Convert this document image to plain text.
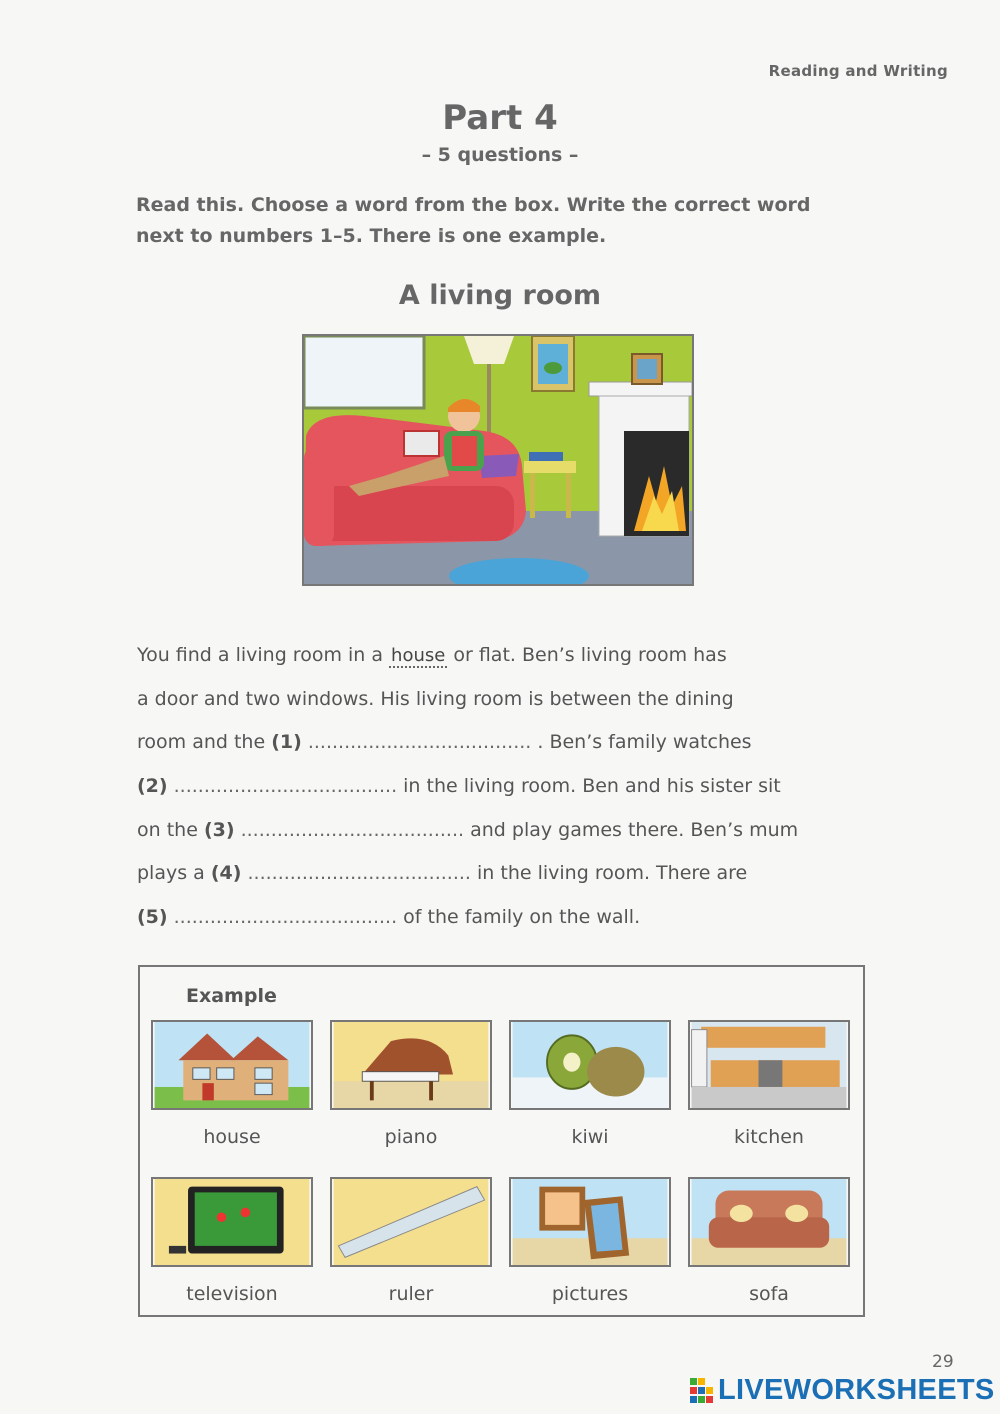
Reading and Writing
Part 4
– 5 questions –
Read this. Choose a word from the box. Write the correct word next to numbers 1–5. There is one example.
A living room
You find a living room in a house or flat. Ben’s living room has
a door and two windows. His living room is between the dining
room and the (1) ..................................... . Ben’s family watches
(2) ..................................... in the living room. Ben and his sister sit
on the (3) ..................................... and play games there. Ben’s mum
plays a (4) ..................................... in the living room. There are
(5) ..................................... of the family on the wall.
Example
house	piano	kiwi	kitchen
television	ruler	pictures	sofa
29
LIVEWORKSHEETS
